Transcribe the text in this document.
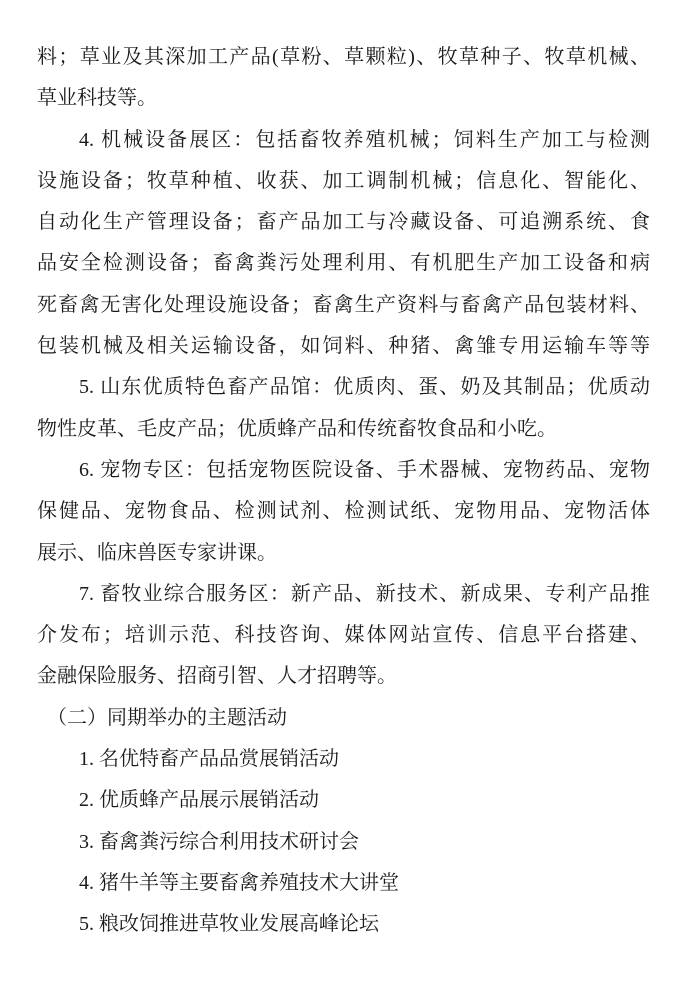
料；草业及其深加工产品(草粉、草颗粒)、牧草种子、牧草机械、
草业科技等。
4. 机械设备展区：包括畜牧养殖机械；饲料生产加工与检测
设施设备；牧草种植、收获、加工调制机械；信息化、智能化、
自动化生产管理设备；畜产品加工与冷藏设备、可追溯系统、食
品安全检测设备；畜禽粪污处理利用、有机肥生产加工设备和病
死畜禽无害化处理设施设备；畜禽生产资料与畜禽产品包装材料、
包装机械及相关运输设备，如饲料、种猪、禽雏专用运输车等等
5. 山东优质特色畜产品馆：优质肉、蛋、奶及其制品；优质动
物性皮革、毛皮产品；优质蜂产品和传统畜牧食品和小吃。
6. 宠物专区：包括宠物医院设备、手术器械、宠物药品、宠物
保健品、宠物食品、检测试剂、检测试纸、宠物用品、宠物活体
展示、临床兽医专家讲课。
7. 畜牧业综合服务区：新产品、新技术、新成果、专利产品推
介发布；培训示范、科技咨询、媒体网站宣传、信息平台搭建、
金融保险服务、招商引智、人才招聘等。
（二）同期举办的主题活动
1. 名优特畜产品品赏展销活动
2. 优质蜂产品展示展销活动
3. 畜禽粪污综合利用技术研讨会
4. 猪牛羊等主要畜禽养殖技术大讲堂
5. 粮改饲推进草牧业发展高峰论坛
